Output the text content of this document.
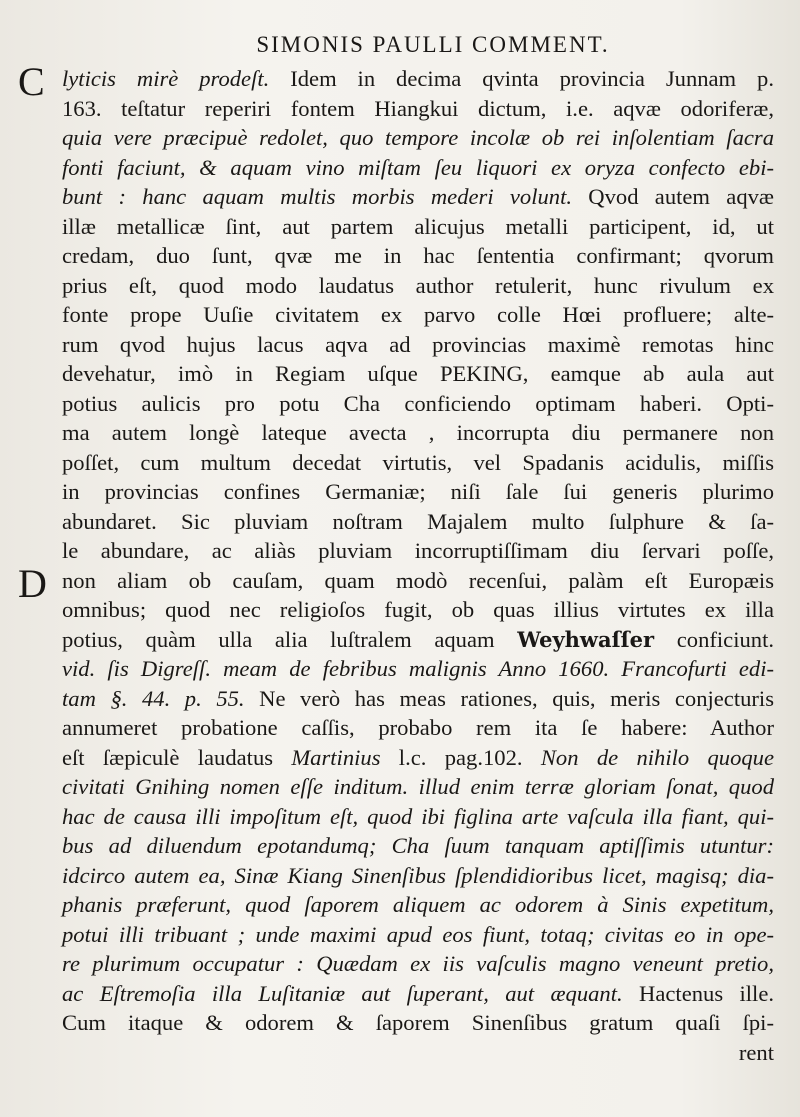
SIMONIS PAULLI COMMENT.
C
D
lyticis mirè prodeſt. Idem in decima qvinta provincia Junnam p.
163. teſtatur reperiri fontem Hiangkui dictum, i.e. aqvæ odoriferæ,
quia vere præcipuè redolet, quo tempore incolæ ob rei inſolentiam ſacra
fonti faciunt, & aquam vino miſtam ſeu liquori ex oryza confecto ebi-
bunt : hanc aquam multis morbis mederi volunt. Qvod autem aqvæ
illæ metallicæ ſint, aut partem alicujus metalli participent, id, ut
credam, duo ſunt, qvæ me in hac ſententia confirmant; qvorum
prius eſt, quod modo laudatus author retulerit, hunc rivulum ex
fonte prope Uuſie civitatem ex parvo colle Hœi profluere; alte-
rum qvod hujus lacus aqva ad provincias maximè remotas hinc
devehatur, imò in Regiam uſque PEKING, eamque ab aula aut
potius aulicis pro potu Cha conficiendo optimam haberi. Opti-
ma autem longè lateque avecta , incorrupta diu permanere non
poſſet, cum multum decedat virtutis, vel Spadanis acidulis, miſſis
in provincias confines Germaniæ; niſi ſale ſui generis plurimo
abundaret. Sic pluviam noſtram Majalem multo ſulphure & ſa-
le abundare, ac aliàs pluviam incorruptiſſimam diu ſervari poſſe,
non aliam ob cauſam, quam modò recenſui, palàm eſt Europæis
omnibus; quod nec religioſos fugit, ob quas illius virtutes ex illa
potius, quàm ulla alia luſtralem aquam Weyhwaſſer conficiunt.
vid. ſis Digreſſ. meam de febribus malignis Anno 1660. Francofurti edi-
tam §. 44. p. 55. Ne verò has meas rationes, quis, meris conjecturis
annumeret probatione caſſis, probabo rem ita ſe habere: Author
eſt ſæpiculè laudatus Martinius l.c. pag.102. Non de nihilo quoque
civitati Gnihing nomen eſſe inditum. illud enim terræ gloriam ſonat, quod
hac de causa illi impoſitum eſt, quod ibi figlina arte vaſcula illa fiant, qui-
bus ad diluendum epotandumq; Cha ſuum tanquam aptiſſimis utuntur:
idcirco autem ea, Sinæ Kiang Sinenſibus ſplendidioribus licet, magisq; dia-
phanis præferunt, quod ſaporem aliquem ac odorem à Sinis expetitum,
potui illi tribuant ; unde maximi apud eos fiunt, totaq; civitas eo in ope-
re plurimum occupatur : Quædam ex iis vaſculis magno veneunt pretio,
ac Eſtremoſia illa Luſitaniæ aut ſuperant, aut æquant. Hactenus ille.
Cum itaque & odorem & ſaporem Sinenſibus gratum quaſi ſpi-
rent
